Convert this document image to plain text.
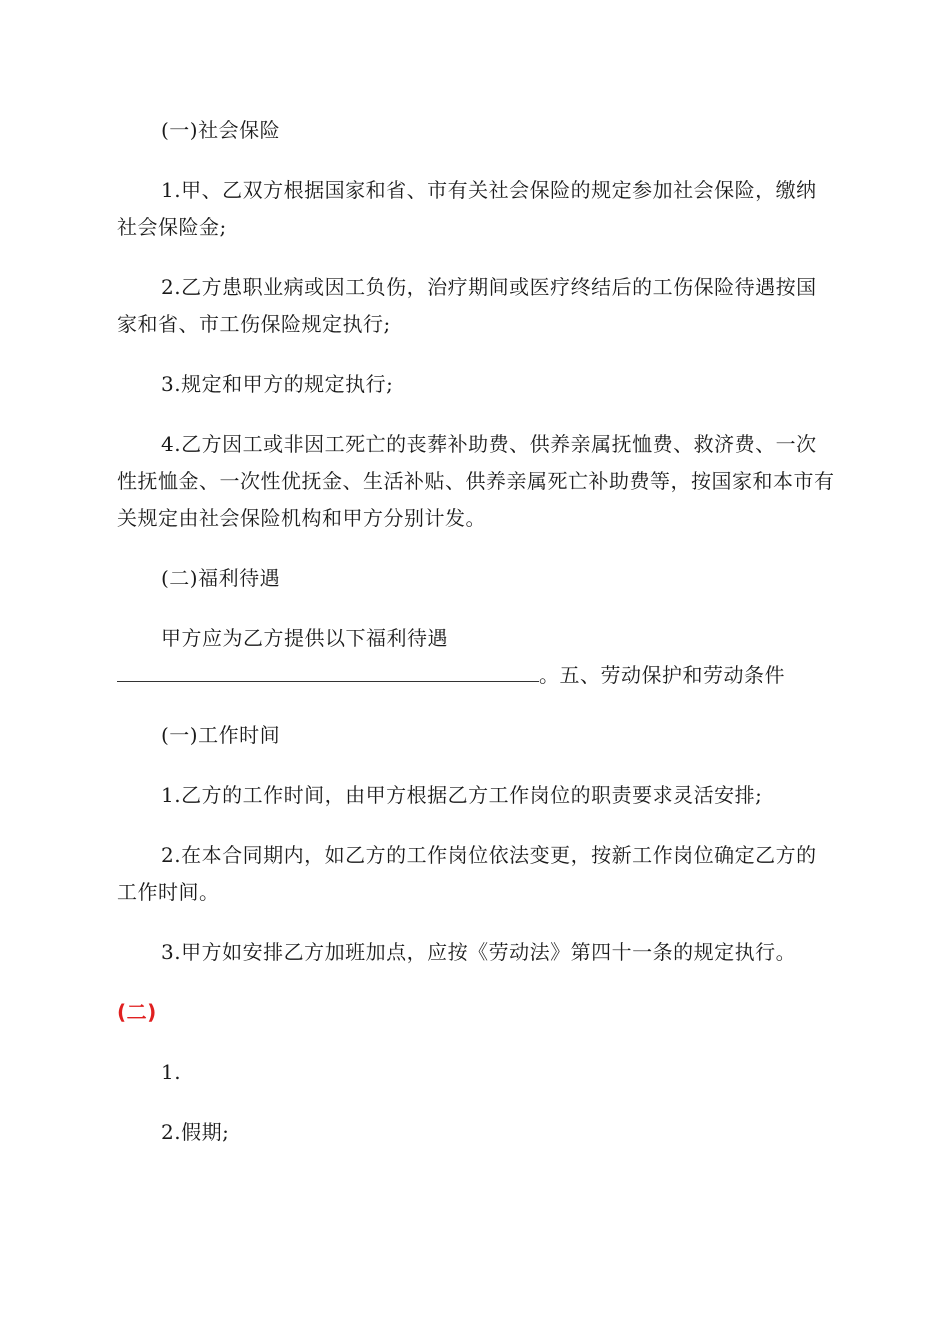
(一)社会保险

1.甲、乙双方根据国家和省、市有关社会保险的规定参加社会保险，缴纳社会保险金;

2.乙方患职业病或因工负伤，治疗期间或医疗终结后的工伤保险待遇按国家和省、市工伤保险规定执行;

3.规定和甲方的规定执行;

4.乙方因工或非因工死亡的丧葬补助费、供养亲属抚恤费、救济费、一次性抚恤金、一次性优抚金、生活补贴、供养亲属死亡补助费等，按国家和本市有关规定由社会保险机构和甲方分别计发。

(二)福利待遇

甲方应为乙方提供以下福利待遇
。五、劳动保护和劳动条件

(一)工作时间

1.乙方的工作时间，由甲方根据乙方工作岗位的职责要求灵活安排;

2.在本合同期内，如乙方的工作岗位依法变更，按新工作岗位确定乙方的工作时间。

3.甲方如安排乙方加班加点，应按《劳动法》第四十一条的规定执行。

(二)

1.

2.假期;
